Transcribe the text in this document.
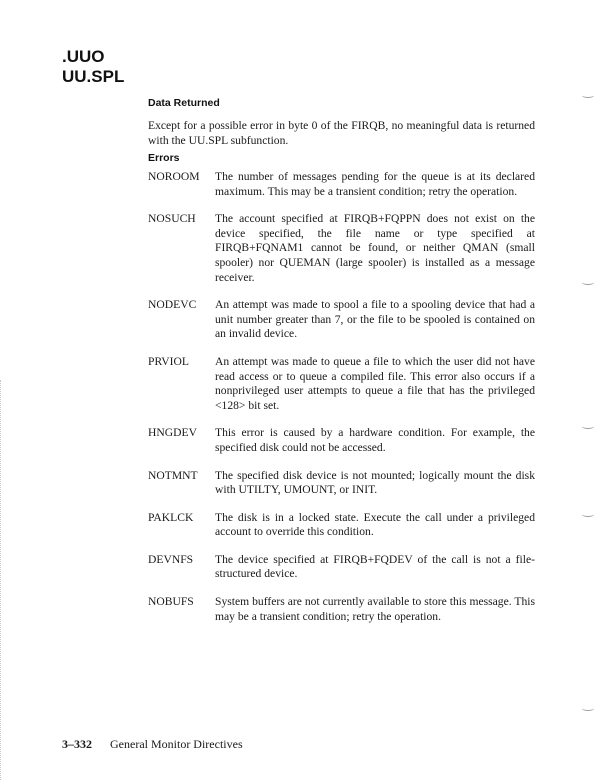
.UUO
UU.SPL
Data Returned
Except for a possible error in byte 0 of the FIRQB, no meaningful data is returned with the UU.SPL subfunction.
Errors
NOROOM	The number of messages pending for the queue is at its declared maximum. This may be a transient condition; retry the operation.
NOSUCH	The account specified at FIRQB+FQPPN does not exist on the device specified, the file name or type specified at FIRQB+FQNAM1 cannot be found, or neither QMAN (small spooler) nor QUEMAN (large spooler) is installed as a message receiver.
NODEVC	An attempt was made to spool a file to a spooling device that had a unit number greater than 7, or the file to be spooled is contained on an invalid device.
PRVIOL	An attempt was made to queue a file to which the user did not have read access or to queue a compiled file. This error also occurs if a nonprivileged user attempts to queue a file that has the privileged <128> bit set.
HNGDEV	This error is caused by a hardware condition. For example, the specified disk could not be accessed.
NOTMNT	The specified disk device is not mounted; logically mount the disk with UTILTY, UMOUNT, or INIT.
PAKLCK	The disk is in a locked state. Execute the call under a privileged account to override this condition.
DEVNFS	The device specified at FIRQB+FQDEV of the call is not a file-structured device.
NOBUFS	System buffers are not currently available to store this message. This may be a transient condition; retry the operation.
3–332 General Monitor Directives
